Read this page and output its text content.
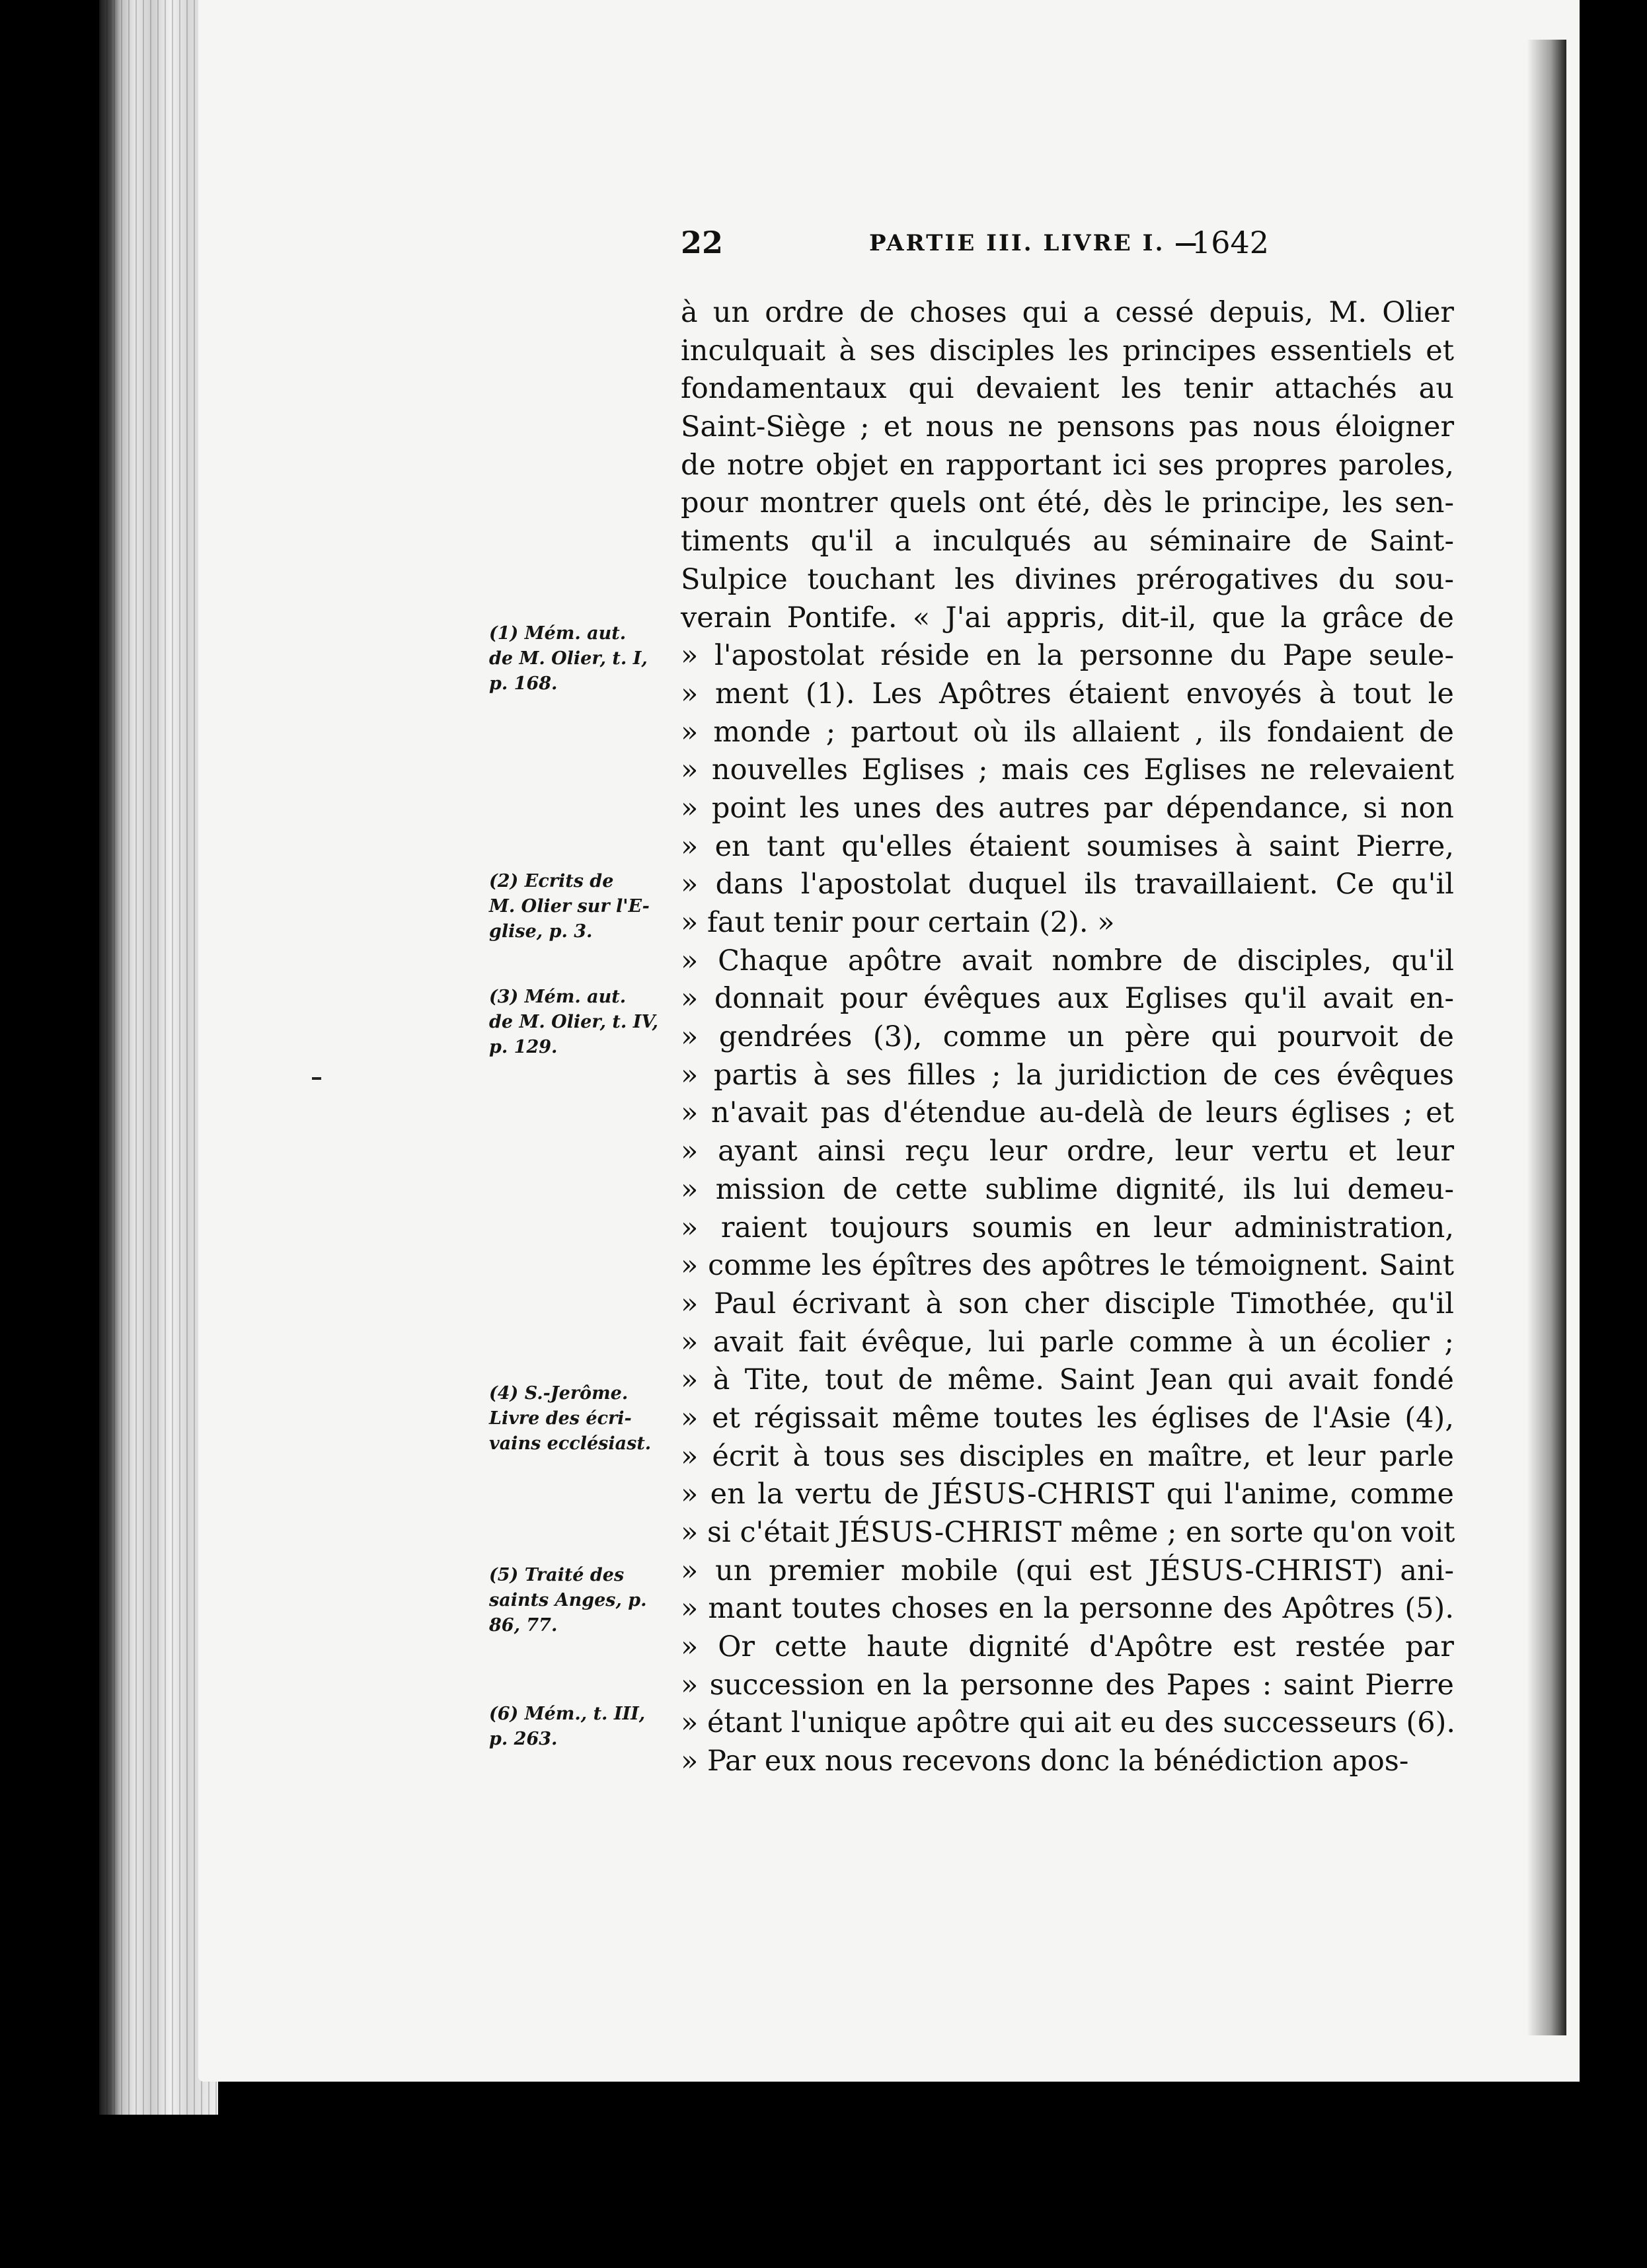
22	PARTIE III. LIVRE I. —
1642
à un ordre de choses qui a cessé depuis, M. Olier
inculquait à ses disciples les principes essentiels et
fondamentaux qui devaient les tenir attachés au
Saint-Siège ; et nous ne pensons pas nous éloigner
de notre objet en rapportant ici ses propres paroles,
pour montrer quels ont été, dès le principe, les sen-
timents qu'il a inculqués au séminaire de Saint-
Sulpice touchant les divines prérogatives du sou-
verain Pontife. « J'ai appris, dit-il, que la grâce de
» l'apostolat réside en la personne du Pape seule-
» ment (1). Les Apôtres étaient envoyés à tout le
» monde ; partout où ils allaient , ils fondaient de
» nouvelles Eglises ; mais ces Eglises ne relevaient
» point les unes des autres par dépendance, si non
» en tant qu'elles étaient soumises à saint Pierre,
» dans l'apostolat duquel ils travaillaient. Ce qu'il
» faut tenir pour certain (2). »
» Chaque apôtre avait nombre de disciples, qu'il
» donnait pour évêques aux Eglises qu'il avait en-
» gendrées (3), comme un père qui pourvoit de
» partis à ses filles ; la juridiction de ces évêques
» n'avait pas d'étendue au-delà de leurs églises ; et
» ayant ainsi reçu leur ordre, leur vertu et leur
» mission de cette sublime dignité, ils lui demeu-
» raient toujours soumis en leur administration,
» comme les épîtres des apôtres le témoignent. Saint
» Paul écrivant à son cher disciple Timothée, qu'il
» avait fait évêque, lui parle comme à un écolier ;
» à Tite, tout de même. Saint Jean qui avait fondé
» et régissait même toutes les églises de l'Asie (4),
» écrit à tous ses disciples en maître, et leur parle
» en la vertu de JÉSUS-CHRIST qui l'anime, comme
» si c'était JÉSUS-CHRIST même ; en sorte qu'on voit
» un premier mobile (qui est JÉSUS-CHRIST) ani-
» mant toutes choses en la personne des Apôtres (5).
» Or cette haute dignité d'Apôtre est restée par
» succession en la personne des Papes : saint Pierre
» étant l'unique apôtre qui ait eu des successeurs (6).
» Par eux nous recevons donc la bénédiction apos-
(1) Mém. aut.
de M. Olier, t. I,
p. 168.
(2) Ecrits de
M. Olier sur l'E-
glise, p. 3.
(3) Mém. aut.
de M. Olier, t. IV,
p. 129.
(4) S.-Jerôme.
Livre des écri-
vains ecclésiast.
(5) Traité des
saints Anges, p.
86, 77.
(6) Mém., t. III,
p. 263.
